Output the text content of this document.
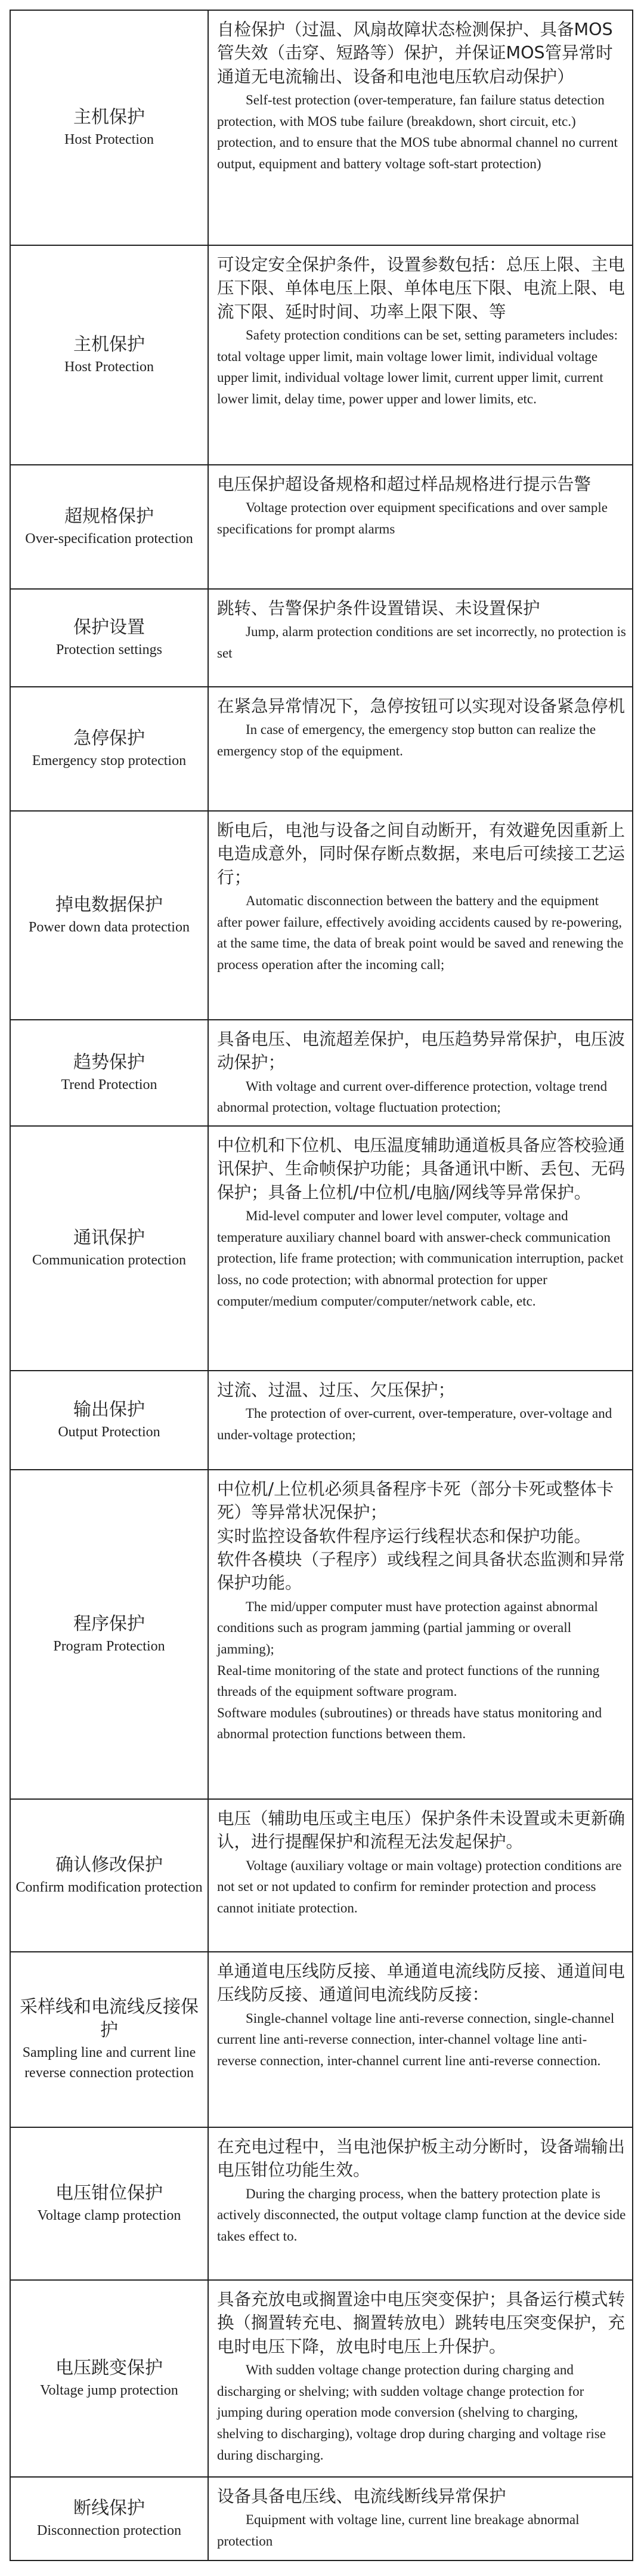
主机保护
Host Protection

自检保护（过温、风扇故障状态检测保护、具备MOS管失效（击穿、短路等）保护，并保证MOS管异常时通道无电流输出、设备和电池电压软启动保护）

Self-test protection (over-temperature, fan failure status detection protection, with MOS tube failure (breakdown, short circuit, etc.) protection, and to ensure that the MOS tube abnormal channel no current output, equipment and battery voltage soft-start protection)

主机保护
Host Protection

可设定安全保护条件，设置参数包括：总压上限、主电压下限、单体电压上限、单体电压下限、电流上限、电流下限、延时时间、功率上限下限、等

Safety protection conditions can be set, setting parameters includes: total voltage upper limit, main voltage lower limit, individual voltage upper limit, individual voltage lower limit, current upper limit, current lower limit, delay time, power upper and lower limits, etc.

超规格保护
Over-specification protection

电压保护超设备规格和超过样品规格进行提示告警

Voltage protection over equipment specifications and over sample specifications for prompt alarms

保护设置
Protection settings

跳转、告警保护条件设置错误、未设置保护

Jump, alarm protection conditions are set incorrectly, no protection is set

急停保护
Emergency stop protection

在紧急异常情况下，急停按钮可以实现对设备紧急停机

In case of emergency, the emergency stop button can realize the emergency stop of the equipment.

掉电数据保护
Power down data protection

断电后，电池与设备之间自动断开，有效避免因重新上电造成意外，同时保存断点数据，来电后可续接工艺运行；

Automatic disconnection between the battery and the equipment after power failure, effectively avoiding accidents caused by re-powering, at the same time, the data of break point would be saved and renewing the process operation after the incoming call;

趋势保护
Trend Protection

具备电压、电流超差保护，电压趋势异常保护，电压波动保护；

With voltage and current over-difference protection, voltage trend abnormal protection, voltage fluctuation protection;

通讯保护
Communication protection

中位机和下位机、电压温度辅助通道板具备应答校验通讯保护、生命帧保护功能；具备通讯中断、丢包、无码保护；具备上位机/中位机/电脑/网线等异常保护。

Mid-level computer and lower level computer, voltage and temperature auxiliary channel board with answer-check communication protection, life frame protection; with communication interruption, packet loss, no code protection; with abnormal protection for upper computer/medium computer/computer/network cable, etc.

输出保护
Output Protection

过流、过温、过压、欠压保护；

The protection of over-current, over-temperature, over-voltage and under-voltage protection;

程序保护
Program Protection

中位机/上位机必须具备程序卡死（部分卡死或整体卡死）等异常状况保护；

实时监控设备软件程序运行线程状态和保护功能。

软件各模块（子程序）或线程之间具备状态监测和异常保护功能。

The mid/upper computer must have protection against abnormal conditions such as program jamming (partial jamming or overall jamming);

Real-time monitoring of the state and protect functions of the running threads of the equipment software program.

Software modules (subroutines) or threads have status monitoring and abnormal protection functions between them.

确认修改保护
Confirm modification protection

电压（辅助电压或主电压）保护条件未设置或未更新确认，进行提醒保护和流程无法发起保护。

Voltage (auxiliary voltage or main voltage) protection conditions are not set or not updated to confirm for reminder protection and process cannot initiate protection.

采样线和电流线反接保护
Sampling line and current line reverse connection protection

单通道电压线防反接、单通道电流线防反接、通道间电压线防反接、通道间电流线防反接：

Single-channel voltage line anti-reverse connection, single-channel current line anti-reverse connection, inter-channel voltage line anti-reverse connection, inter-channel current line anti-reverse connection.

电压钳位保护
Voltage clamp protection

在充电过程中，当电池保护板主动分断时，设备端输出电压钳位功能生效。

During the charging process, when the battery protection plate is actively disconnected, the output voltage clamp function at the device side takes effect to.

电压跳变保护
Voltage jump protection

具备充放电或搁置途中电压突变保护；具备运行模式转换（搁置转充电、搁置转放电）跳转电压突变保护，充电时电压下降，放电时电压上升保护。

With sudden voltage change protection during charging and discharging or shelving; with sudden voltage change protection for jumping during operation mode conversion (shelving to charging, shelving to discharging), voltage drop during charging and voltage rise during discharging.

断线保护
Disconnection protection

设备具备电压线、电流线断线异常保护

Equipment with voltage line, current line breakage abnormal protection
